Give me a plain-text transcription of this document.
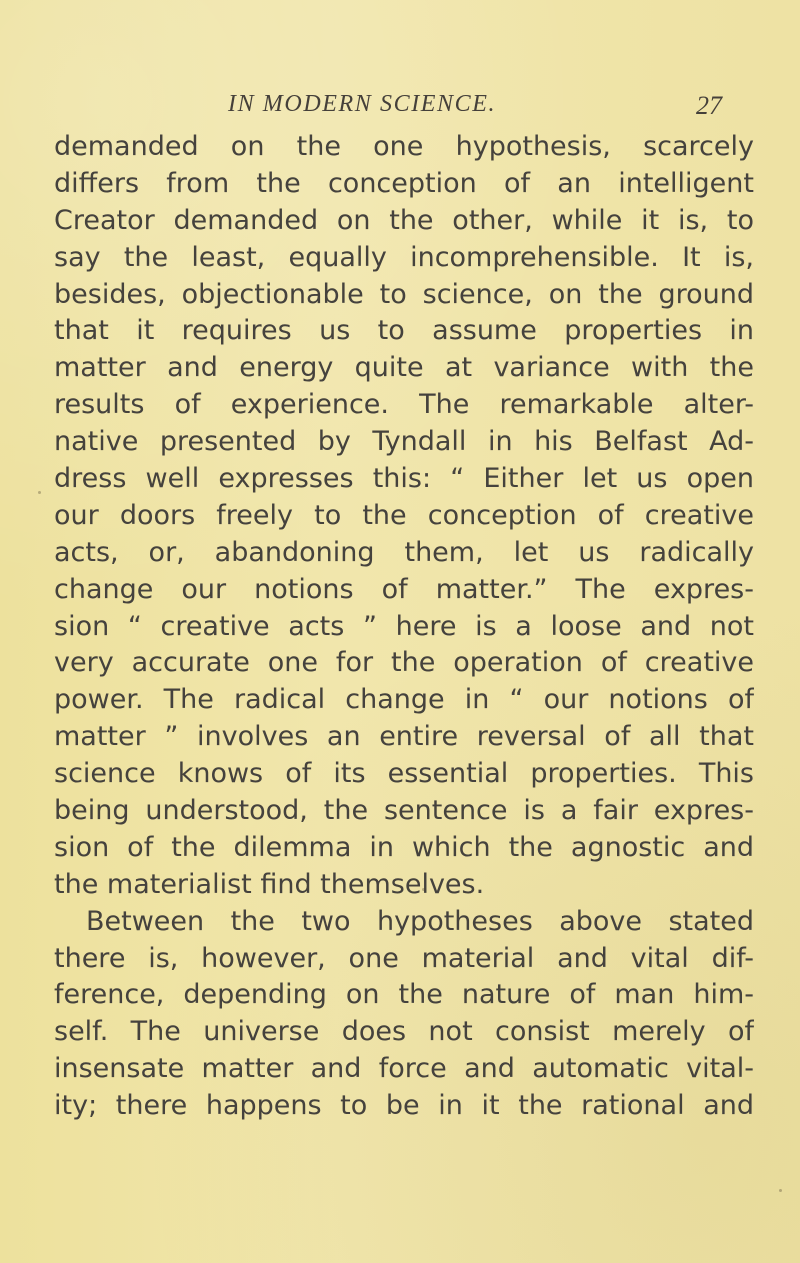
IN MODERN SCIENCE.	27
demanded on the one hypothesis, scarcely
differs from the conception of an intelligent
Creator demanded on the other, while it is, to
say the least, equally incomprehensible. It is,
besides, objectionable to science, on the ground
that it requires us to assume properties in
matter and energy quite at variance with the
results of experience. The remarkable alter-
native presented by Tyndall in his Belfast Ad-
dress well expresses this: “ Either let us open
our doors freely to the conception of creative
acts, or, abandoning them, let us radically
change our notions of matter.” The expres-
sion “ creative acts ” here is a loose and not
very accurate one for the operation of creative
power. The radical change in “ our notions of
matter ” involves an entire reversal of all that
science knows of its essential properties. This
being understood, the sentence is a fair expres-
sion of the dilemma in which the agnostic and
the materialist find themselves.
Between the two hypotheses above stated
there is, however, one material and vital dif-
ference, depending on the nature of man him-
self. The universe does not consist merely of
insensate matter and force and automatic vital-
ity; there happens to be in it the rational and
